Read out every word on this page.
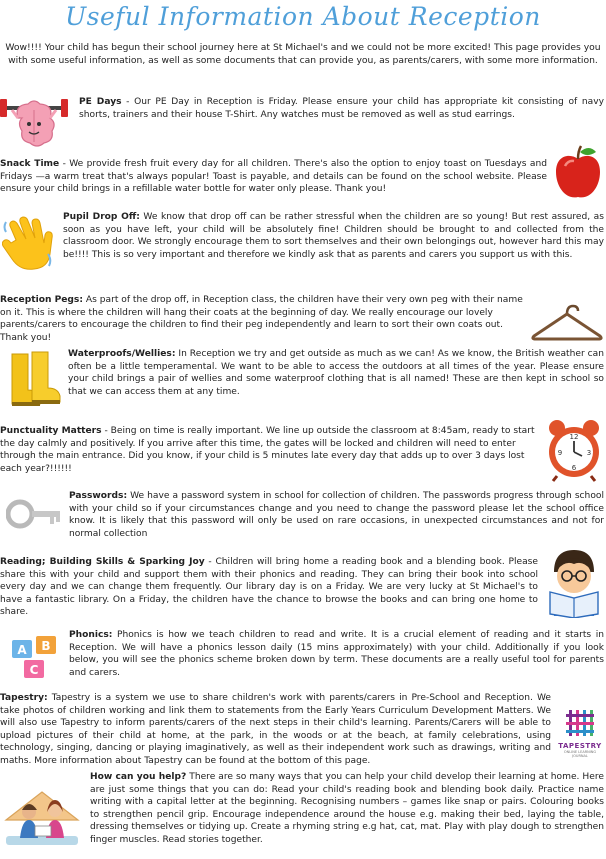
Useful Information About Reception
Wow!!!! Your child has begun their school journey here at St Michael's and we could not be more excited! This page provides you with some useful information, as well as some documents that can provide you, as parents/carers, with some more information.
PE Days - Our PE Day in Reception is Friday. Please ensure your child has appropriate kit consisting of navy shorts, trainers and their house T-Shirt. Any watches must be removed as well as stud earrings.
Snack Time - We provide fresh fruit every day for all children. There's also the option to enjoy toast on Tuesdays and Fridays —a warm treat that's always popular! Toast is payable, and details can be found on the school website. Please ensure your child brings in a refillable water bottle for water only please. Thank you!
Pupil Drop Off: We know that drop off can be rather stressful when the children are so young! But rest assured, as soon as you have left, your child will be absolutely fine! Children should be brought to and collected from the classroom door. We strongly encourage them to sort themselves and their own belongings out, however hard this may be!!!! This is so very important and therefore we kindly ask that as parents and carers you support us with this.
Reception Pegs: As part of the drop off, in Reception class, the children have their very own peg with their name on it. This is where the children will hang their coats at the beginning of day. We really encourage our lovely parents/carers to encourage the children to find their peg independently and learn to sort their own coats out. Thank you!
Waterproofs/Wellies: In Reception we try and get outside as much as we can! As we know, the British weather can often be a little temperamental. We want to be able to access the outdoors at all times of the year. Please ensure your child brings a pair of wellies and some waterproof clothing that is all named! These are then kept in school so that we can access them at any time.
Punctuality Matters - Being on time is really important. We line up outside the classroom at 8:45am, ready to start the day calmly and positively. If you arrive after this time, the gates will be locked and children will need to enter through the main entrance. Did you know, if your child is 5 minutes late every day that adds up to over 3 days lost each year?!!!!!!
12
3
6
9
Passwords: We have a password system in school for collection of children. The passwords progress through school with your child so if your circumstances change and you need to change the password please let the school office know. It is likely that this password will only be used on rare occasions, in unexpected circumstances and not for normal collection
Reading; Building Skills & Sparking Joy - Children will bring home a reading book and a blending book. Please share this with your child and support them with their phonics and reading. They can bring their book into school every day and we can change them frequently. Our library day is on a Friday. We are very lucky at St Michael's to have a fantastic library. On a Friday, the children have the chance to browse the books and can bring one home to share.
A B
C
Phonics: Phonics is how we teach children to read and write. It is a crucial element of reading and it starts in Reception. We will have a phonics lesson daily (15 mins approximately) with your child. Additionally if you look below, you will see the phonics scheme broken down by term. These documents are a really useful tool for parents and carers.
Tapestry: Tapestry is a system we use to share children's work with parents/carers in Pre-School and Reception. We take photos of children working and link them to statements from the Early Years Curriculum Development Matters. We will also use Tapestry to inform parents/carers of the next steps in their child's learning. Parents/Carers will be able to upload pictures of their child at home, at the park, in the woods or at the beach, at family celebrations, using technology, singing, dancing or playing imaginatively, as well as their independent work such as drawings, writing and maths. More information about Tapestry can be found at the bottom of this page.
TAPESTRY
ONLINE LEARNING JOURNAL
How can you help? There are so many ways that you can help your child develop their learning at home. Here are just some things that you can do: Read your child's reading book and blending book daily. Practice name writing with a capital letter at the beginning. Recognising numbers – games like snap or pairs. Colouring books to strengthen pencil grip. Encourage independence around the house e.g. making their bed, laying the table, dressing themselves or tidying up. Create a rhyming string e.g hat, cat, mat. Play with play dough to strengthen finger muscles. Read stories together.
